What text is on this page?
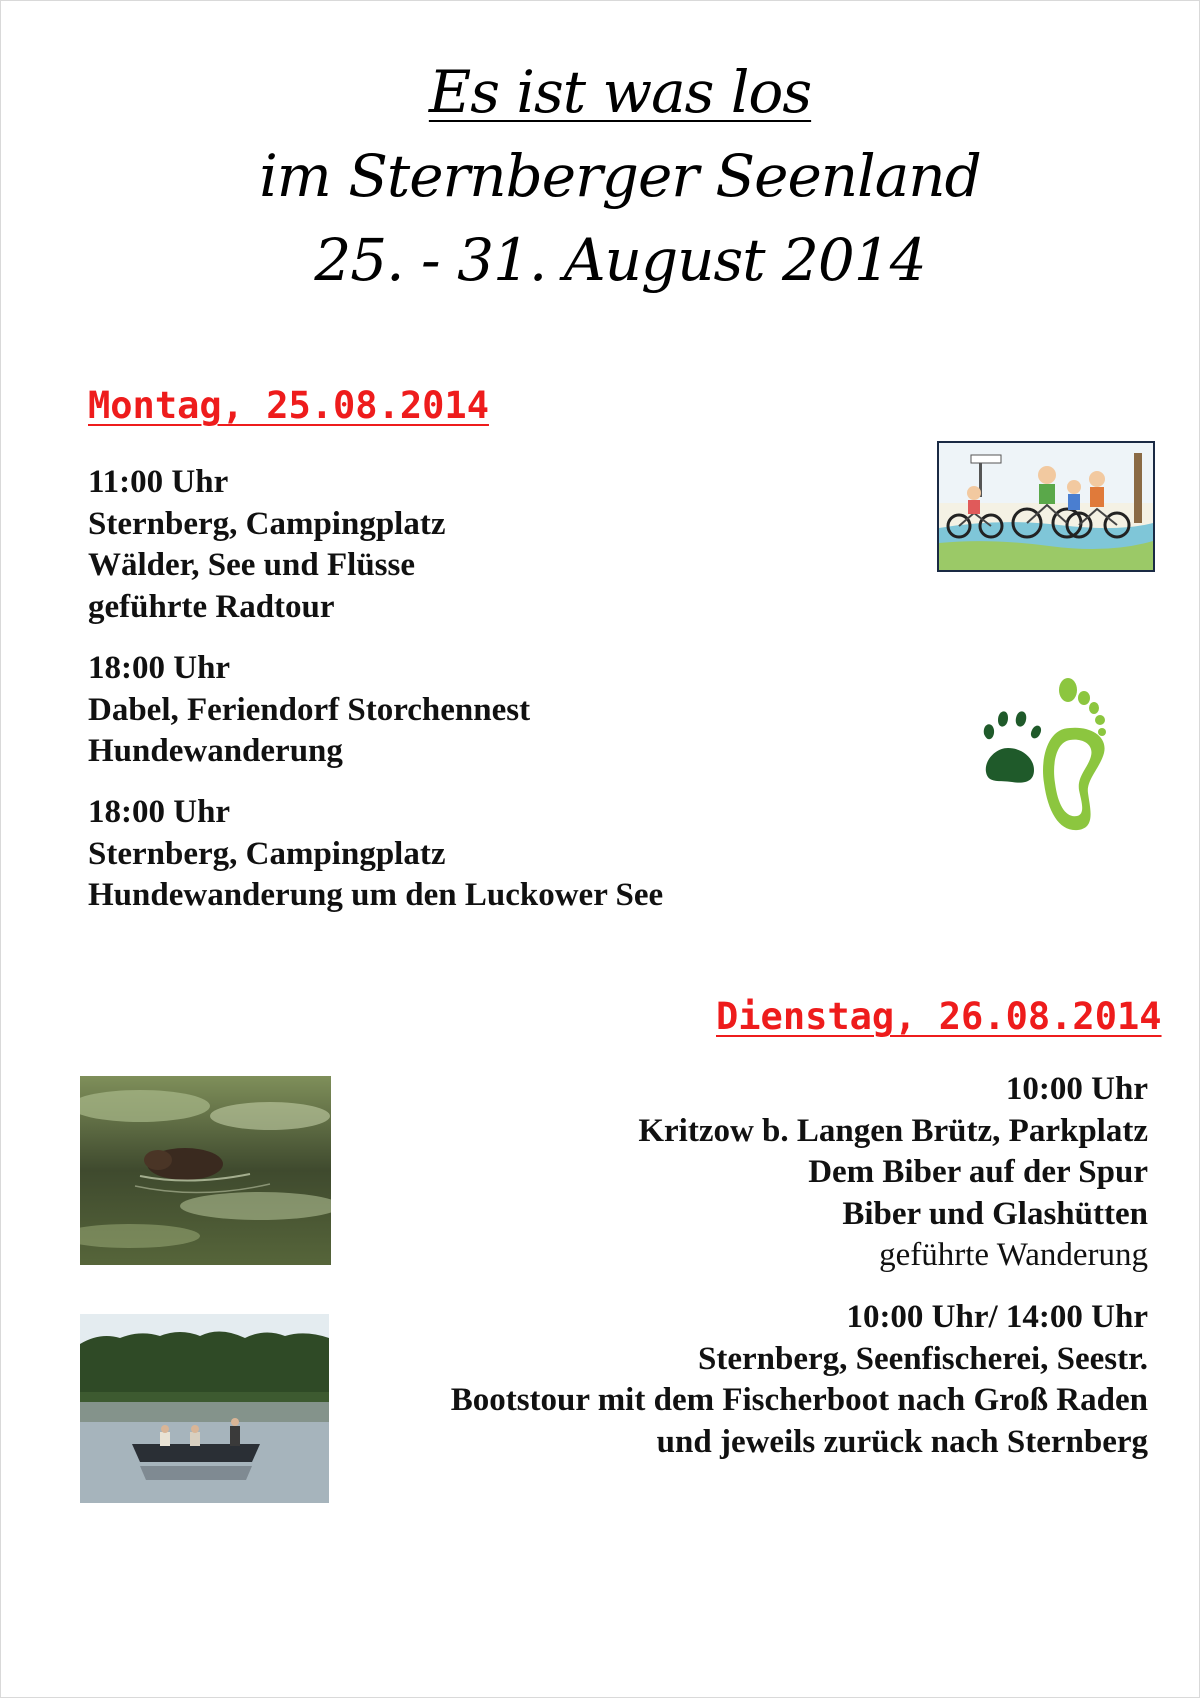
Es ist was los
im Sternberger Seenland
25. - 31. August 2014
Montag, 25.08.2014
11:00 Uhr
Sternberg, Campingplatz
Wälder, See und Flüsse
geführte Radtour
18:00 Uhr
Dabel, Feriendorf Storchennest
Hundewanderung
18:00 Uhr
Sternberg, Campingplatz
Hundewanderung um den Luckower See
Dienstag, 26.08.2014
10:00 Uhr
Kritzow b. Langen Brütz, Parkplatz
Dem Biber auf der Spur
Biber und Glashütten
geführte Wanderung
10:00 Uhr/ 14:00 Uhr
Sternberg, Seenfischerei, Seestr.
Bootstour mit dem Fischerboot nach Groß Raden
und jeweils zurück nach Sternberg
